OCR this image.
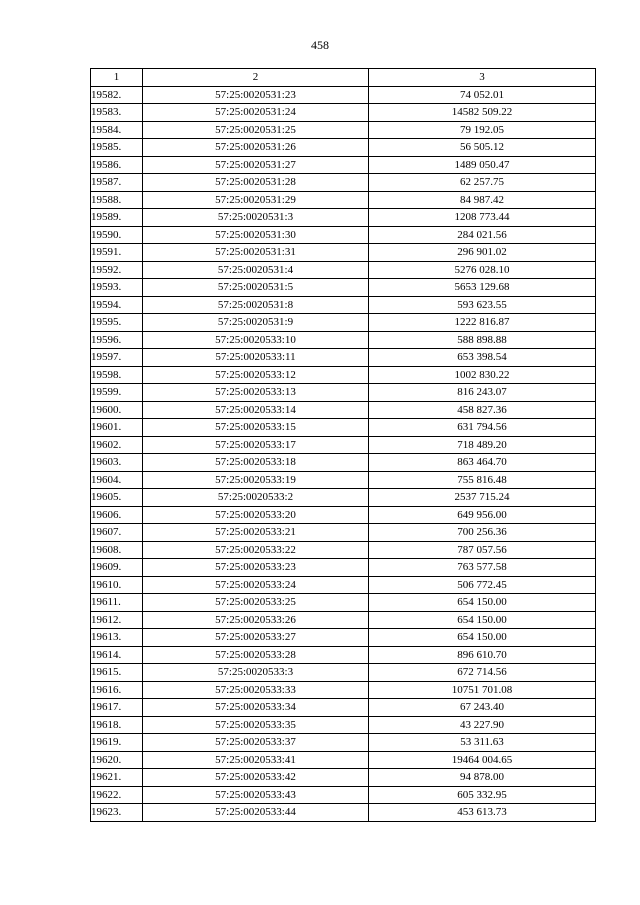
458
1	2	3
19582.	57:25:0020531:23	74 052.01
19583.	57:25:0020531:24	14582 509.22
19584.	57:25:0020531:25	79 192.05
19585.	57:25:0020531:26	56 505.12
19586.	57:25:0020531:27	1489 050.47
19587.	57:25:0020531:28	62 257.75
19588.	57:25:0020531:29	84 987.42
19589.	57:25:0020531:3	1208 773.44
19590.	57:25:0020531:30	284 021.56
19591.	57:25:0020531:31	296 901.02
19592.	57:25:0020531:4	5276 028.10
19593.	57:25:0020531:5	5653 129.68
19594.	57:25:0020531:8	593 623.55
19595.	57:25:0020531:9	1222 816.87
19596.	57:25:0020533:10	588 898.88
19597.	57:25:0020533:11	653 398.54
19598.	57:25:0020533:12	1002 830.22
19599.	57:25:0020533:13	816 243.07
19600.	57:25:0020533:14	458 827.36
19601.	57:25:0020533:15	631 794.56
19602.	57:25:0020533:17	718 489.20
19603.	57:25:0020533:18	863 464.70
19604.	57:25:0020533:19	755 816.48
19605.	57:25:0020533:2	2537 715.24
19606.	57:25:0020533:20	649 956.00
19607.	57:25:0020533:21	700 256.36
19608.	57:25:0020533:22	787 057.56
19609.	57:25:0020533:23	763 577.58
19610.	57:25:0020533:24	506 772.45
19611.	57:25:0020533:25	654 150.00
19612.	57:25:0020533:26	654 150.00
19613.	57:25:0020533:27	654 150.00
19614.	57:25:0020533:28	896 610.70
19615.	57:25:0020533:3	672 714.56
19616.	57:25:0020533:33	10751 701.08
19617.	57:25:0020533:34	67 243.40
19618.	57:25:0020533:35	43 227.90
19619.	57:25:0020533:37	53 311.63
19620.	57:25:0020533:41	19464 004.65
19621.	57:25:0020533:42	94 878.00
19622.	57:25:0020533:43	605 332.95
19623.	57:25:0020533:44	453 613.73
